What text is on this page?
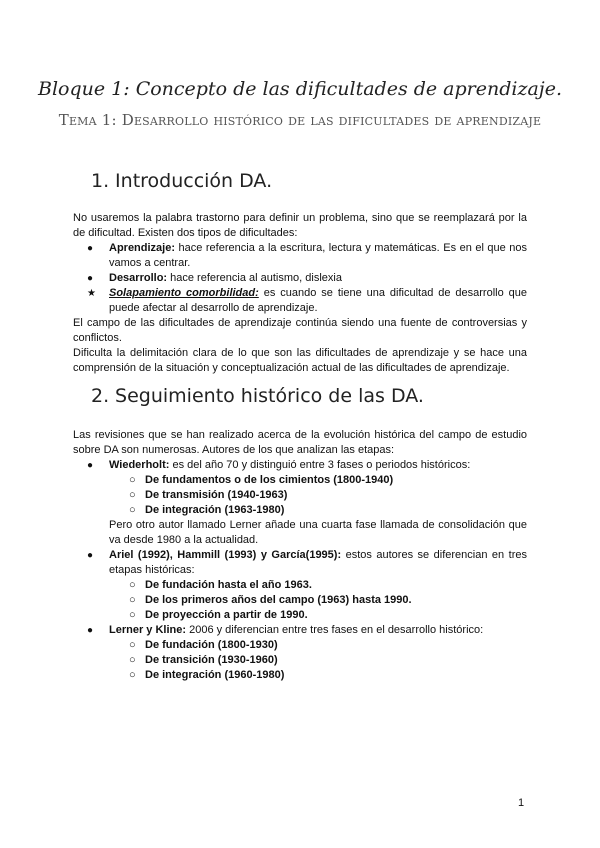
Bloque 1: Concepto de las dificultades de aprendizaje.
Tema 1: Desarrollo histórico de las dificultades de aprendizaje
1. Introducción DA.
No usaremos la palabra trastorno para definir un problema, sino que se reemplazará por la de dificultad. Existen dos tipos de dificultades:
● Aprendizaje: hace referencia a la escritura, lectura y matemáticas. Es en el que nos vamos a centrar.
● Desarrollo: hace referencia al autismo, dislexia
★ Solapamiento comorbilidad: es cuando se tiene una dificultad de desarrollo que puede afectar al desarrollo de aprendizaje.
El campo de las dificultades de aprendizaje continúa siendo una fuente de controversias y conflictos.
Dificulta la delimitación clara de lo que son las dificultades de aprendizaje y se hace una comprensión de la situación y conceptualización actual de las dificultades de aprendizaje.
2. Seguimiento histórico de las DA.
Las revisiones que se han realizado acerca de la evolución histórica del campo de estudio sobre DA son numerosas. Autores de los que analizan las etapas:
● Wiederholt: es del año 70 y distinguió entre 3 fases o periodos históricos:
○ De fundamentos o de los cimientos (1800-1940)
○ De transmisión (1940-1963)
○ De integración (1963-1980)
Pero otro autor llamado Lerner añade una cuarta fase llamada de consolidación que va desde 1980 a la actualidad.
● Ariel (1992), Hammill (1993) y García(1995): estos autores se diferencian en tres etapas históricas:
○ De fundación hasta el año 1963.
○ De los primeros años del campo (1963) hasta 1990.
○ De proyección a partir de 1990.
● Lerner y Kline: 2006 y diferencian entre tres fases en el desarrollo histórico:
○ De fundación (1800-1930)
○ De transición (1930-1960)
○ De integración (1960-1980)
1
